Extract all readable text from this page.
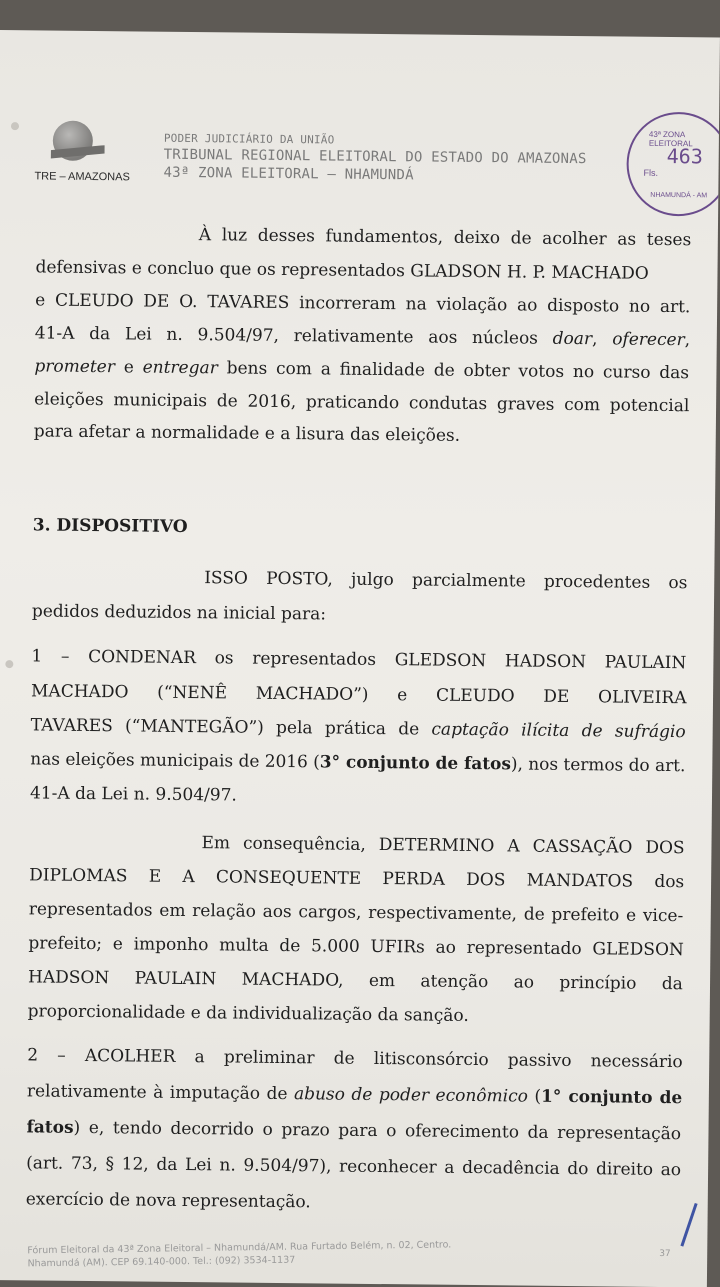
TRE – AMAZONAS
PODER JUDICIÁRIO DA UNIÃO
TRIBUNAL REGIONAL ELEITORAL DO ESTADO DO AMAZONAS
43ª ZONA ELEITORAL – NHAMUNDÁ
43ª ZONA ELEITORAL
463
Fls.
NHAMUNDÁ - AM
À luz desses fundamentos, deixo de acolher as teses
defensivas e concluo que os representados GLADSON H. P. MACHADO
e CLEUDO DE O. TAVARES incorreram na violação ao disposto no art.
41-A da Lei n. 9.504/97, relativamente aos núcleos doar, oferecer,
prometer e entregar bens com a finalidade de obter votos no curso das
eleições municipais de 2016, praticando condutas graves com potencial
para afetar a normalidade e a lisura das eleições.
3. DISPOSITIVO
ISSO POSTO, julgo parcialmente procedentes os
pedidos deduzidos na inicial para:
1 – CONDENAR os representados GLEDSON HADSON PAULAIN
MACHADO (“NENÊ MACHADO”) e CLEUDO DE OLIVEIRA
TAVARES (“MANTEGÃO”) pela prática de captação ilícita de sufrágio
nas eleições municipais de 2016 (3° conjunto de fatos), nos termos do art.
41-A da Lei n. 9.504/97.
Em consequência, DETERMINO A CASSAÇÃO DOS
DIPLOMAS E A CONSEQUENTE PERDA DOS MANDATOS dos
representados em relação aos cargos, respectivamente, de prefeito e vice-
prefeito; e imponho multa de 5.000 UFIRs ao representado GLEDSON
HADSON PAULAIN MACHADO, em atenção ao princípio da
proporcionalidade e da individualização da sanção.
2 – ACOLHER a preliminar de litisconsórcio passivo necessário
relativamente à imputação de abuso de poder econômico (1° conjunto de
fatos) e, tendo decorrido o prazo para o oferecimento da representação
(art. 73, § 12, da Lei n. 9.504/97), reconhecer a decadência do direito ao
exercício de nova representação.
Fórum Eleitoral da 43ª Zona Eleitoral – Nhamundá/AM. Rua Furtado Belém, n. 02, Centro.
Nhamundá (AM). CEP 69.140-000. Tel.: (092) 3534-1137
37
